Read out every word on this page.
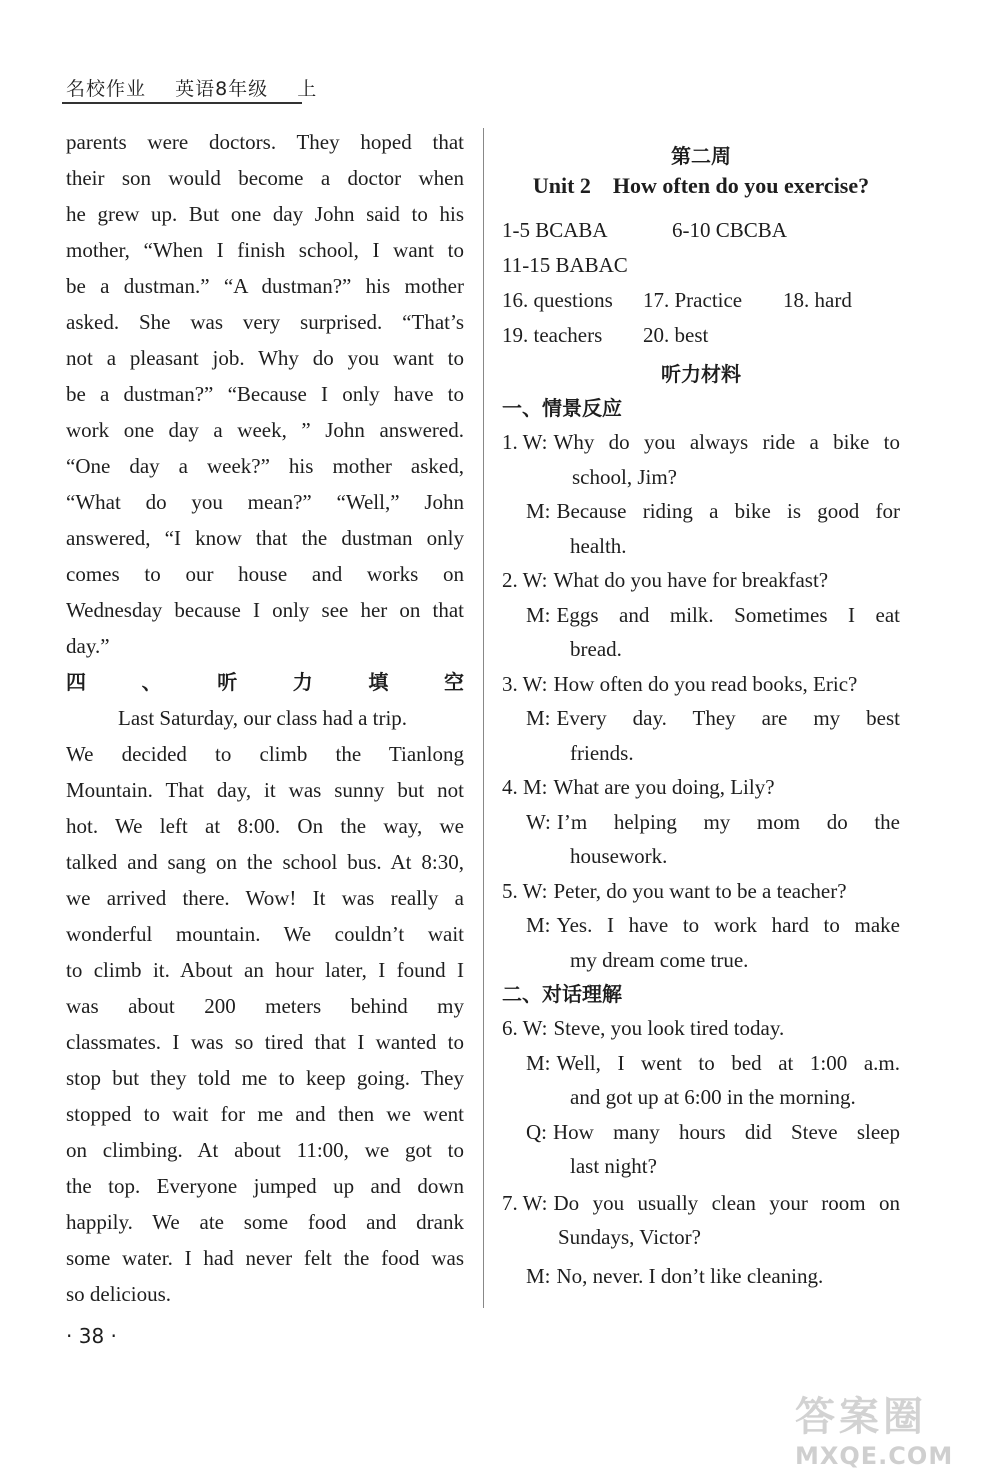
名校作业 英语8年级 上

parents were doctors. They hoped that

their son would become a doctor when

he grew up. But one day John said to his

mother, “When I finish school, I want to

be a dustman.” “A dustman?” his mother

asked. She was very surprised. “That’s

not a pleasant job. Why do you want to

be a dustman?” “Because I only have to

work one day a week, ” John answered.

“One day a week?” his mother asked,

“What do you mean?” “Well,” John

answered, “I know that the dustman only

comes to our house and works on

Wednesday because I only see her on that

day.”

四、听力填空

Last Saturday, our class had a trip.

We decided to climb the Tianlong

Mountain. That day, it was sunny but not

hot. We left at 8:00. On the way, we

talked and sang on the school bus. At 8:30,

we arrived there. Wow! It was really a

wonderful mountain. We couldn’t wait

to climb it. About an hour later, I found I

was about 200 meters behind my

classmates. I was so tired that I wanted to

stop but they told me to keep going. They

stopped to wait for me and then we went

on climbing. At about 11:00, we got to

the top. Everyone jumped up and down

happily. We ate some food and drank

some water. I had never felt the food was

so delicious.

第二周

Unit 2 How often do you exercise?

1-5 BCABA	6-10 CBCBA
11-15 BABAC
16. questions 17. Practice 18. hard
19. teachers 20. best

听力材料

一、情景反应

1. W: Why do you always ride a bike to
school, Jim?
M: Because riding a bike is good for
health.
2. W: What do you have for breakfast?
M: Eggs and milk. Sometimes I eat
bread.
3. W: How often do you read books, Eric?
M: Every day. They are my best
friends.
4. M: What are you doing, Lily?
W: I’m helping my mom do the
housework.
5. W: Peter, do you want to be a teacher?
M: Yes. I have to work hard to make
my dream come true.

二、对话理解

6. W: Steve, you look tired today.
M: Well, I went to bed at 1:00 a.m.
and got up at 6:00 in the morning.
Q: How many hours did Steve sleep
last night?
7. W: Do you usually clean your room on
Sundays, Victor?
M: No, never. I don’t like cleaning.
· 38 ·
答案圈
MXQE.COM
